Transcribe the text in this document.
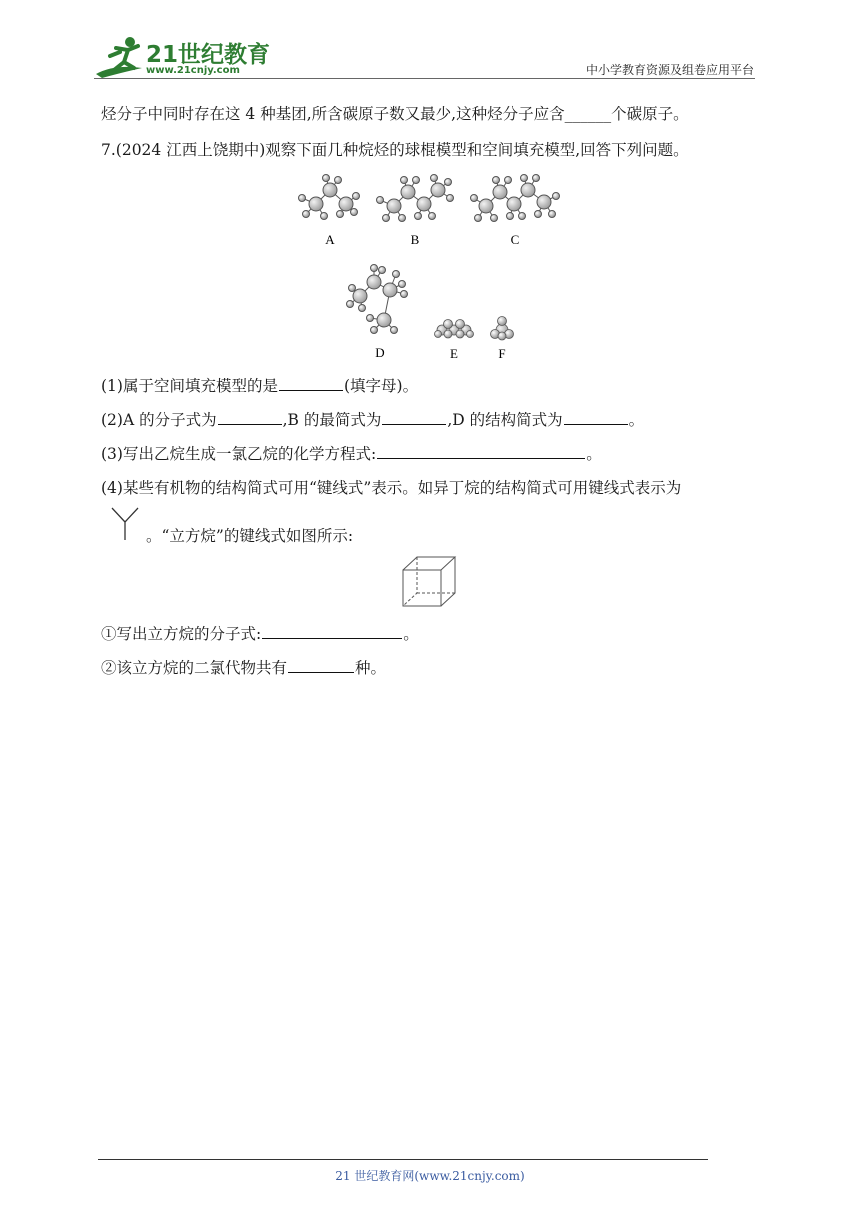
21世纪教育
www.21cnjy.com	中小学教育资源及组卷应用平台
烃分子中同时存在这 4 种基团,所含碳原子数又最少,这种烃分子应含______个碳原子。
7.(2024 江西上饶期中)观察下面几种烷烃的球棍模型和空间填充模型,回答下列问题。
A	B	C
D	E	F
(1)属于空间填充模型的是	(填字母)。
(2)A 的分子式为	,B 的最简式为	,D 的结构简式为	。
(3)写出乙烷生成一氯乙烷的化学方程式:	。
(4)某些有机物的结构简式可用“键线式”表示。如异丁烷的结构简式可用键线式表示为
。“立方烷”的键线式如图所示:
①写出立方烷的分子式:	。
②该立方烷的二氯代物共有	种。
21 世纪教育网(www.21cnjy.com)
